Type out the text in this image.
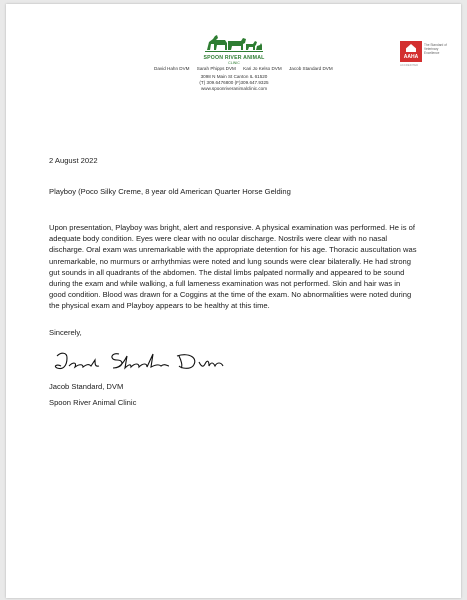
SPOON RIVER ANIMAL
CLINIC
David Hahn DVM Sarah Phipps DVM Kari Jo Kelso DVM Jacob Standard DVM
3098 N Main St Canton IL 61520
(T) 309.6476800 (F)309.647.9325
www.spoonriveranimalclinic.com
AAHA
The Standard of Veterinary Excellence
ACCREDITED
2 August 2022
Playboy (Poco Silky Creme, 8 year old American Quarter Horse Gelding
Upon presentation, Playboy was bright, alert and responsive. A physical examination was performed. He is of adequate body condition. Eyes were clear with no ocular discharge. Nostrils were clear with no nasal discharge. Oral exam was unremarkable with the appropriate detention for his age. Thoracic auscultation was unremarkable, no murmurs or arrhythmias were noted and lung sounds were clear bilaterally. He had strong gut sounds in all quadrants of the abdomen. The distal limbs palpated normally and appeared to be sound during the exam and while walking, a full lameness examination was not performed. Skin and hair was in good condition. Blood was drawn for a Coggins at the time of the exam. No abnormalities were noted during the physical exam and Playboy appears to be healthy at this time.
Sincerely,
Jacob Standard, DVM
Spoon River Animal Clinic
